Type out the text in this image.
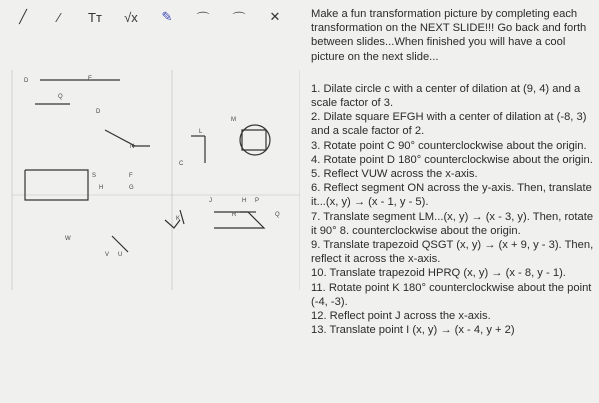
╱	⁄	Tт	√x	✎	⌒	⌒	✕
D	E
Q
D
N
L
C
M
S	F
H	G
J	H P
R	Q
K
W
V U
Make a fun transformation picture by completing each transformation on the NEXT SLIDE!!! Go back and forth between slides...When finished you will have a cool picture on the next slide...

1. Dilate circle c with a center of dilation at (9, 4) and a scale factor of 3.

2. Dilate square EFGH with a center of dilation at (-8, 3) and a scale factor of 2.

3. Rotate point C 90° counterclockwise about the origin.

4. Rotate point D 180° counterclockwise about the origin.

5. Reflect VUW across the x-axis.

6. Reflect segment ON across the y-axis. Then, translate it...(x, y) → (x - 1, y - 5).

7. Translate segment LM...(x, y) → (x - 3, y). Then, rotate it 90° 8. counterclockwise about the origin.

9. Translate trapezoid QSGT (x, y) → (x + 9, y - 3). Then, reflect it across the x-axis.

10. Translate trapezoid HPRQ (x, y) → (x - 8, y - 1).

11. Rotate point K 180° counterclockwise about the point (-4, -3).

12. Reflect point J across the x-axis.

13. Translate point I (x, y) → (x - 4, y + 2)
